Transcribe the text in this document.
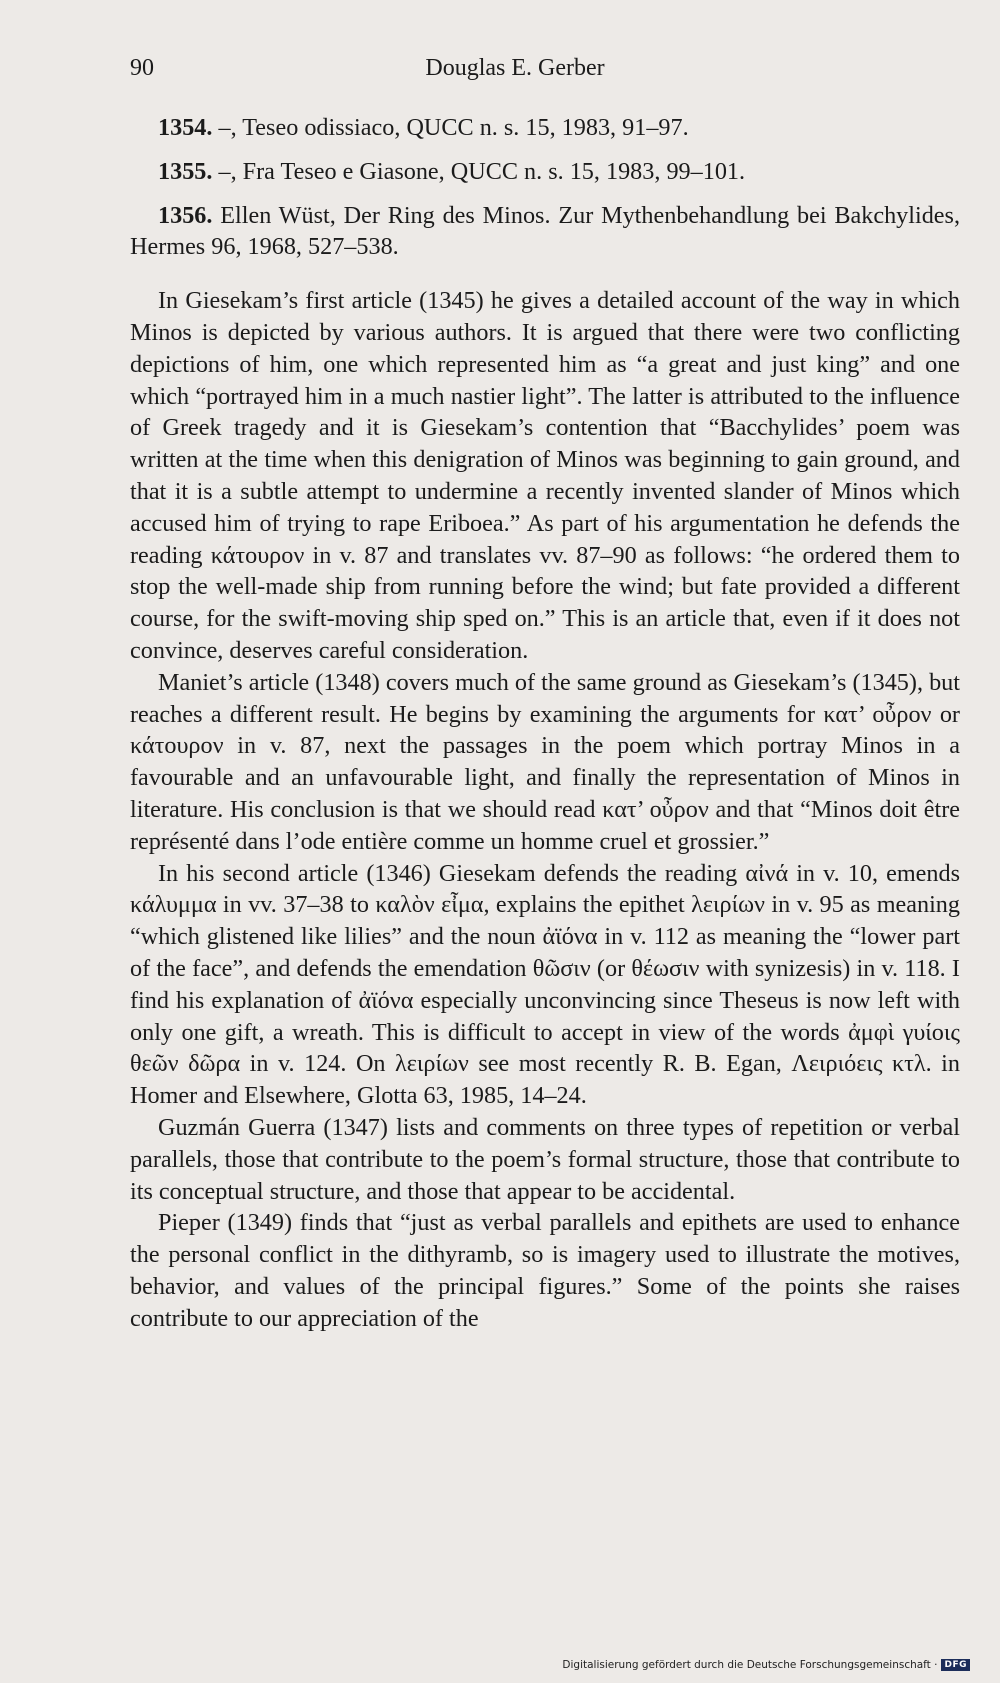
90	Douglas E. Gerber

1354. –, Teseo odissiaco, QUCC n. s. 15, 1983, 91–97.

1355. –, Fra Teseo e Giasone, QUCC n. s. 15, 1983, 99–101.

1356. Ellen Wüst, Der Ring des Minos. Zur Mythenbehandlung bei Bakchylides, Hermes 96, 1968, 527–538.

In Giesekam’s first article (1345) he gives a detailed account of the way in which Minos is depicted by various authors. It is argued that there were two conflicting depictions of him, one which represented him as “a great and just king” and one which “portrayed him in a much nastier light”. The latter is attributed to the influence of Greek tragedy and it is Giesekam’s contention that “Bacchylides’ poem was written at the time when this denigration of Minos was beginning to gain ground, and that it is a subtle attempt to undermine a recently invented slander of Minos which accused him of trying to rape Eriboea.” As part of his argumentation he defends the reading κάτουρον in v. 87 and translates vv. 87–90 as follows: “he ordered them to stop the well-made ship from running before the wind; but fate provided a different course, for the swift-moving ship sped on.” This is an article that, even if it does not convince, deserves careful consideration.

Maniet’s article (1348) covers much of the same ground as Giesekam’s (1345), but reaches a different result. He begins by examining the arguments for κατ’ οὖρον or κάτουρον in v. 87, next the passages in the poem which portray Minos in a favourable and an unfavourable light, and finally the representation of Minos in literature. His conclusion is that we should read κατ’ οὖρον and that “Minos doit être représenté dans l’ode entière comme un homme cruel et grossier.”

In his second article (1346) Giesekam defends the reading αἰνά in v. 10, emends κάλυμμα in vv. 37–38 to καλὸν εἶμα, explains the epithet λειρίων in v. 95 as meaning “which glistened like lilies” and the noun ἀϊόνα in v. 112 as meaning the “lower part of the face”, and defends the emendation θῶσιν (or θέωσιν with synizesis) in v. 118. I find his explanation of ἀϊόνα especially unconvincing since Theseus is now left with only one gift, a wreath. This is difficult to accept in view of the words ἀμφὶ γυίοις θεῶν δῶρα in v. 124. On λειρίων see most recently R. B. Egan, Λειριόεις κτλ. in Homer and Elsewhere, Glotta 63, 1985, 14–24.

Guzmán Guerra (1347) lists and comments on three types of repetition or verbal parallels, those that contribute to the poem’s formal structure, those that contribute to its conceptual structure, and those that appear to be accidental.

Pieper (1349) finds that “just as verbal parallels and epithets are used to enhance the personal conflict in the dithyramb, so is imagery used to illustrate the motives, behavior, and values of the principal figures.” Some of the points she raises contribute to our appreciation of the

Digitalisierung gefördert durch die Deutsche Forschungsgemeinschaft · DFG
